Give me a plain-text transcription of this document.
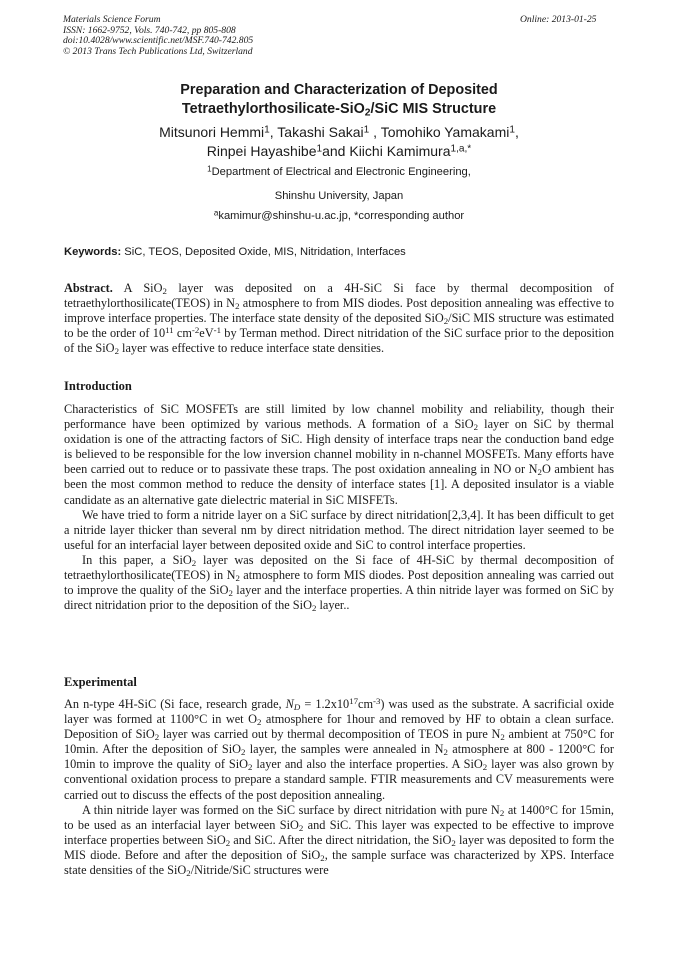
Materials Science Forum
ISSN: 1662-9752, Vols. 740-742, pp 805-808
doi:10.4028/www.scientific.net/MSF.740-742.805
© 2013 Trans Tech Publications Ltd, Switzerland
Online: 2013-01-25
Preparation and Characterization of Deposited
Tetraethylorthosilicate-SiO$_2$/SiC MIS Structure
Mitsunori Hemmi$^1$, Takashi Sakai$^1$ , Tomohiko Yamakami$^1$,
Rinpei Hayashibe$^1$and Kiichi Kamimura$^{1,a,*}$
$^1$Department of Electrical and Electronic Engineering,
Shinshu University, Japan
$^a$kamimur@shinshu-u.ac.jp, *corresponding author
Keywords: SiC, TEOS, Deposited Oxide, MIS, Nitridation, Interfaces

Abstract. A SiO$_2$ layer was deposited on a 4H-SiC Si face by thermal decomposition of tetraethylorthosilicate(TEOS) in $N_2$ atmosphere to from MIS diodes. Post deposition annealing was effective to improve interface properties. The interface state density of the deposited SiO$_2$/SiC MIS structure was estimated to be the order of $10^{11}$ $cm^{-2}eV^{-1}$ by Terman method. Direct nitridation of the SiC surface prior to the deposition of the SiO$_2$ layer was effective to reduce interface state densities.

Introduction

Characteristics of SiC MOSFETs are still limited by low channel mobility and reliability, though their performance have been optimized by various methods. A formation of a SiO$_2$ layer on SiC by thermal oxidation is one of the attracting factors of SiC. High density of interface traps near the conduction band edge is believed to be responsible for the low inversion channel mobility in n-channel MOSFETs. Many efforts have been carried out to reduce or to passivate these traps. The post oxidation annealing in NO or $N_2O$ ambient has been the most common method to reduce the density of interface states [1]. A deposited insulator is a viable candidate as an alternative gate dielectric material in SiC MISFETs.

We have tried to form a nitride layer on a SiC surface by direct nitridation[2,3,4]. It has been difficult to get a nitride layer thicker than several nm by direct nitridation method. The direct nitridation layer seemed to be useful for an interfacial layer between deposited oxide and SiC to control interface properties.

In this paper, a SiO$_2$ layer was deposited on the Si face of 4H-SiC by thermal decomposition of tetraethylorthosilicate(TEOS) in $N_2$ atmosphere to form MIS diodes. Post deposition annealing was carried out to improve the quality of the SiO$_2$ layer and the interface properties. A thin nitride layer was formed on SiC by direct nitridation prior to the deposition of the SiO$_2$ layer..

Experimental

An n-type 4H-SiC (Si face, research grade, $N_D = 1.2x10^{17}cm^{-3}$) was used as the substrate. A sacrificial oxide layer was formed at 1100°C in wet $O_2$ atmosphere for 1hour and removed by HF to obtain a clean surface. Deposition of SiO$_2$ layer was carried out by thermal decomposition of TEOS in pure $N_2$ ambient at 750°C for 10min. After the deposition of SiO$_2$ layer, the samples were annealed in $N_2$ atmosphere at 800 - 1200°C for 10min to improve the quality of SiO$_2$ layer and also the interface properties. A SiO$_2$ layer was also grown by conventional oxidation process to prepare a standard sample. FTIR measurements and CV measurements were carried out to discuss the effects of the post deposition annealing.

A thin nitride layer was formed on the SiC surface by direct nitridation with pure $N_2$ at 1400°C for 15min, to be used as an interfacial layer between SiO$_2$ and SiC. This layer was expected to be effective to improve interface properties between SiO$_2$ and SiC. After the direct nitridation, the SiO$_2$ layer was deposited to form the MIS diode. Before and after the deposition of SiO$_2$, the sample surface was characterized by XPS. Interface state densities of the SiO$_2$/Nitride/SiC structures were
